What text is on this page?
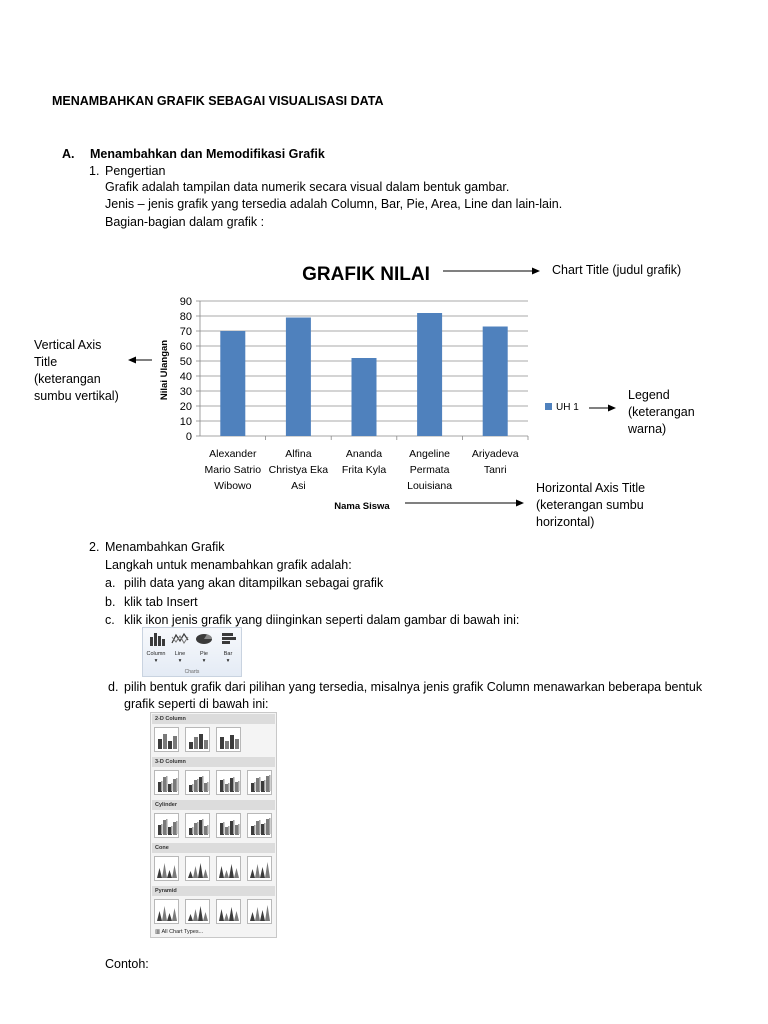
MENAMBAHKAN GRAFIK SEBAGAI VISUALISASI DATA
A. Menambahkan dan Memodifikasi Grafik
1. Pengertian
Grafik adalah tampilan data numerik secara visual dalam bentuk gambar.
Jenis – jenis grafik yang tersedia adalah Column, Bar, Pie, Area, Line dan lain-lain.
Bagian-bagian dalam grafik :
GRAFIK NILAI
0
10
20
30
40
50
60
70
80
90
Alexander
Mario Satrio
Wibowo
Alfina
Christya Eka
Asi
Ananda
Frita Kyla
Angeline
Permata
Louisiana
Ariyadeva
Tanri
Nilai Ulangan
Nama Siswa
UH 1
Chart Title (judul grafik)
Vertical Axis
Title
(keterangan
sumbu vertikal)	Legend
(keterangan
warna)
Horizontal Axis Title
(keterangan sumbu
horizontal)
2. Menambahkan Grafik
Langkah untuk menambahkan grafik adalah:
a. pilih data yang akan ditampilkan sebagai grafik
b. klik tab Insert
c. klik ikon jenis grafik yang diinginkan seperti dalam gambar di bawah ini:
Column
▾
Line
▾
Pie
▾
Bar
▾
Charts
d. pilih bentuk grafik dari pilihan yang tersedia, misalnya jenis grafik Column menawarkan beberapa bentuk
grafik seperti di bawah ini:
▥ All Chart Types...
2-D Column
3-D Column
Cylinder
Cone
Pyramid
Contoh:
